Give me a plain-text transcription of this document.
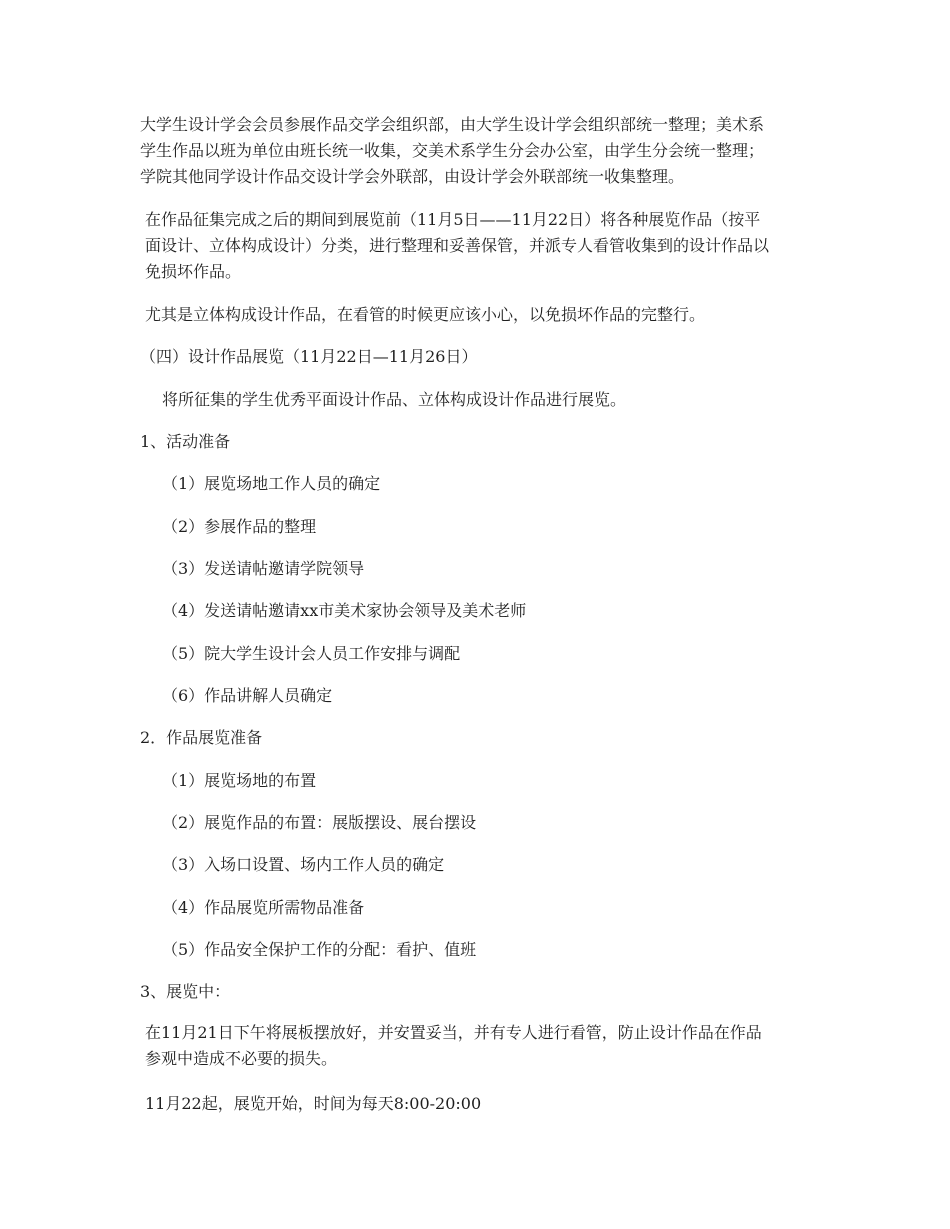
大学生设计学会会员参展作品交学会组织部，由大学生设计学会组织部统一整理；美术系
学生作品以班为单位由班长统一收集，交美术系学生分会办公室，由学生分会统一整理；
学院其他同学设计作品交设计学会外联部，由设计学会外联部统一收集整理。
在作品征集完成之后的期间到展览前（11月5日——11月22日）将各种展览作品（按平
面设计、立体构成设计）分类，进行整理和妥善保管，并派专人看管收集到的设计作品以
免损坏作品。
尤其是立体构成设计作品，在看管的时候更应该小心，以免损坏作品的完整行。
（四）设计作品展览（11月22日—11月26日）
将所征集的学生优秀平面设计作品、立体构成设计作品进行展览。
1、活动准备
（1）展览场地工作人员的确定
（2）参展作品的整理
（3）发送请帖邀请学院领导
（4）发送请帖邀请xx市美术家协会领导及美术老师
（5）院大学生设计会人员工作安排与调配
（6）作品讲解人员确定
2．作品展览准备
（1）展览场地的布置
（2）展览作品的布置：展版摆设、展台摆设
（3）入场口设置、场内工作人员的确定
（4）作品展览所需物品准备
（5）作品安全保护工作的分配：看护、值班
3、展览中：
在11月21日下午将展板摆放好，并安置妥当，并有专人进行看管，防止设计作品在作品
参观中造成不必要的损失。
11月22起，展览开始，时间为每天8:00-20:00
